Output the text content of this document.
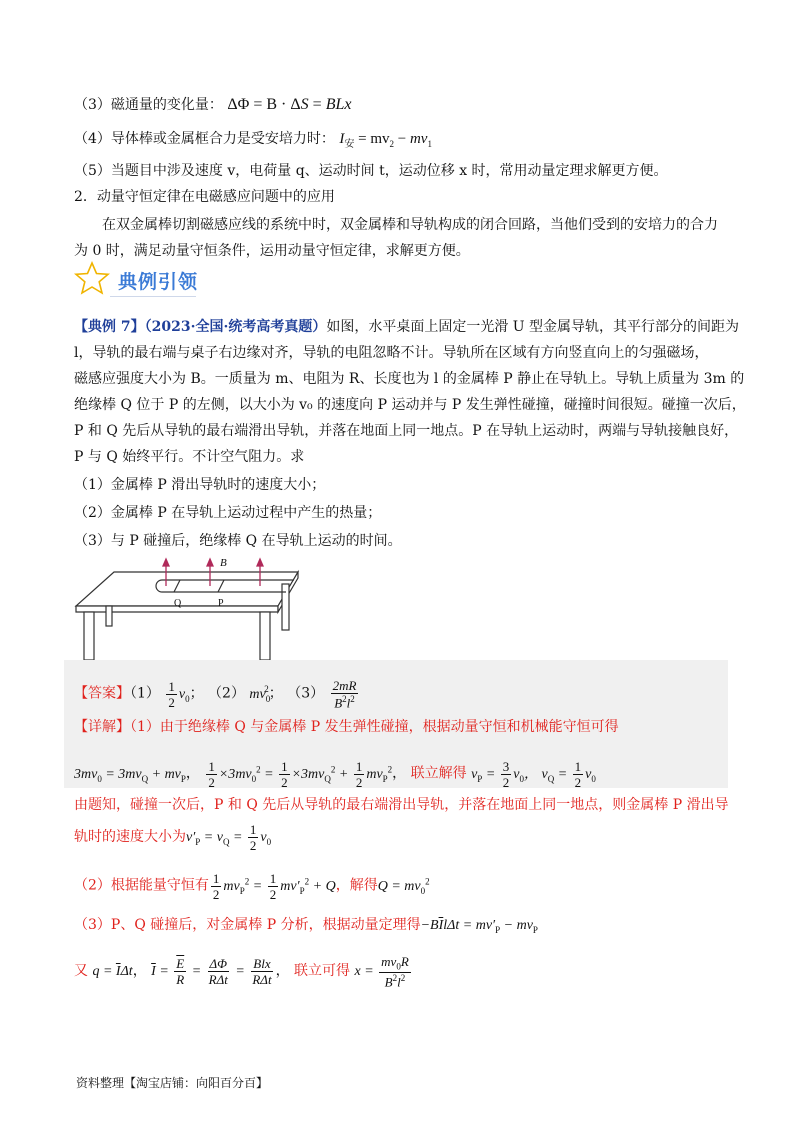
（3）磁通量的变化量： ΔΦ = B · ΔS = BLx
（4）导体棒或金属框合力是受安培力时： $I_安 = mv_2 - mv_1$
（5）当题目中涉及速度 v，电荷量 q、运动时间 t，运动位移 x 时，常用动量定理求解更方便。
2．动量守恒定律在电磁感应问题中的应用
在双金属棒切割磁感应线的系统中时，双金属棒和导轨构成的闭合回路，当他们受到的安培力的合力
为 0 时，满足动量守恒条件，运用动量守恒定律，求解更方便。
典例引领
【典例 7】（2023·全国·统考高考真题）如图，水平桌面上固定一光滑 U 型金属导轨，其平行部分的间距为
l，导轨的最右端与桌子右边缘对齐，导轨的电阻忽略不计。导轨所在区域有方向竖直向上的匀强磁场，
磁感应强度大小为 B。一质量为 m、电阻为 R、长度也为 l 的金属棒 P 静止在导轨上。导轨上质量为 3m 的
绝缘棒 Q 位于 P 的左侧，以大小为 v₀ 的速度向 P 运动并与 P 发生弹性碰撞，碰撞时间很短。碰撞一次后，
P 和 Q 先后从导轨的最右端滑出导轨，并落在地面上同一地点。P 在导轨上运动时，两端与导轨接触良好，
P 与 Q 始终平行。不计空气阻力。求
（1）金属棒 P 滑出导轨时的速度大小；
（2）金属棒 P 在导轨上运动过程中产生的热量；
（3）与 P 碰撞后，绝缘棒 Q 在导轨上运动的时间。
B
Q	P
【答案】$(1) \frac{1}{2} v_0$； （2） $mv_0^2$； $(3) \frac{2mR}{B^2l^2}$
【详解】（1）由于绝缘棒 Q 与金属棒 P 发生弹性碰撞，根据动量守恒和机械能守恒可得
$3mv_0 = 3mv_Q + mv_P$， $\frac{1}{2} \times 3mv_0^2 = \frac{1}{2} \times 3mv_Q^2 + \frac{1}{2} mv_P^2$， 联立解得 $v_P = \frac{3}{2} v_0$， $v_Q = \frac{1}{2} v_0$
由题知，碰撞一次后，P 和 Q 先后从导轨的最右端滑出导轨，并落在地面上同一地点，则金属棒 P 滑出导
轨时的速度大小为$v'_P = v_Q = \frac{1}{2} v_0$
（2）根据能量守恒有 $\frac{1}{2} mv_P^2 = \frac{1}{2} mv'_P^2 + Q$，解得$Q = mv_0^2$
（3）P、Q 碰撞后，对金属棒 P 分析，根据动量定理得$-B\overline{I}l\Delta t = mv'_P - mv_P$
又 $q = \overline{I}\Delta t$， $\overline{I} = \frac{\overline{E}}{R} = \frac{\Delta\Phi}{\text{RΔt}} = \frac{\text{Blx}}{\text{RΔt}}$ ， 联立可得 $x = \frac{mv_0R}{B^2l^2}$
资料整理【淘宝店铺：向阳百分百】
